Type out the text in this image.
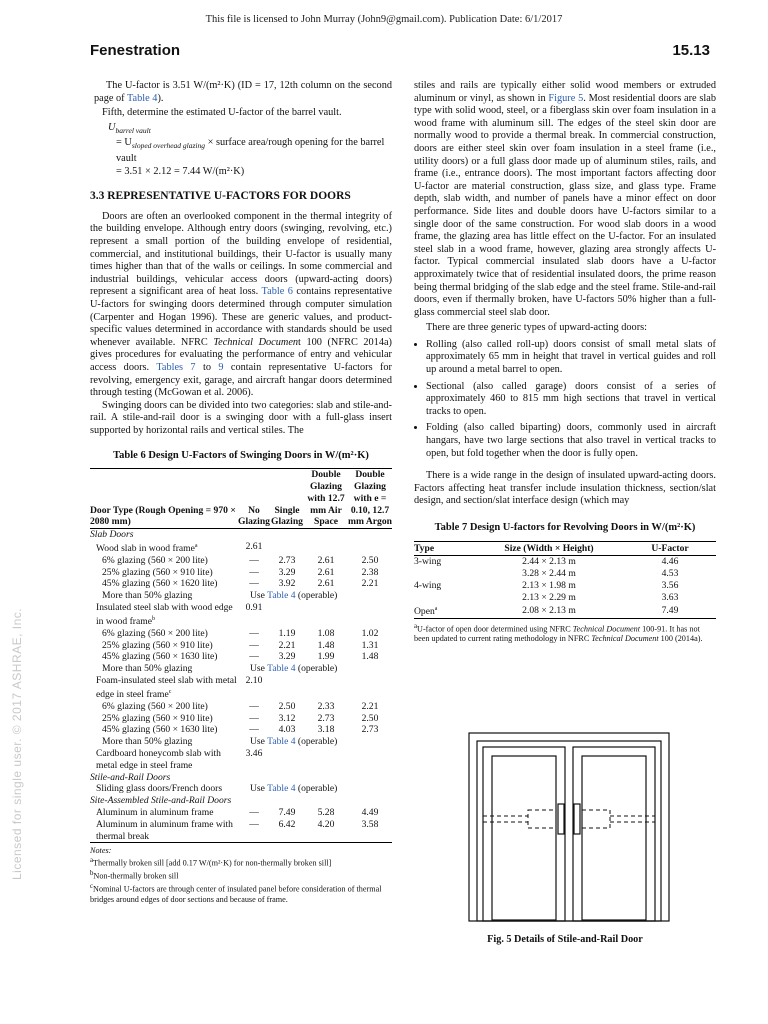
This file is licensed to John Murray (John9@gmail.com). Publication Date: 6/1/2017
Fenestration	15.13
Licensed for single user. © 2017 ASHRAE, Inc.

The U-factor is 3.51 W/(m²·K) (ID = 17, 12th column on the second page of Table 4).

Fifth, determine the estimated U-factor of the barrel vault.

$U_{barrel vault}$
= $U_{sloped overhead glazing}$ × surface area/rough opening for the barrel vault
= 3.51 × 2.12 = 7.44 W/(m²·K)
3.3 REPRESENTATIVE U-FACTORS FOR DOORS

Doors are often an overlooked component in the thermal integrity of the building envelope. Although entry doors (swinging, revolving, etc.) represent a small portion of the building envelope of residential, commercial, and institutional buildings, their U-factor is usually many times higher than that of the walls or ceilings. In some commercial and industrial buildings, vehicular access doors (upward-acting doors) represent a significant area of heat loss. Table 6 contains representative U-factors for swinging doors determined through computer simulation (Carpenter and Hogan 1996). These are generic values, and product-specific values determined in accordance with standards should be used whenever available. NFRC Technical Document 100 (NFRC 2014a) gives procedures for evaluating the performance of entry and vehicular access doors. Tables 7 to 9 contain representative U-factors for revolving, emergency exit, garage, and aircraft hangar doors determined through testing (McGowan et al. 2006).

Swinging doors can be divided into two categories: slab and stile-and-rail. A stile-and-rail door is a swinging door with a full-glass insert supported by horizontal rails and vertical stiles. The

Table 6 Design U-Factors of Swinging Doors in W/(m²·K)
Door Type (Rough Opening = 970 × 2080 mm)	No Glazing	Single Glazing	Double Glazing with 12.7 mm Air Space	Double Glazing with e = 0.10, 12.7 mm Argon
Slab Doors				
Wood slab in wood frame$^a$	2.61			
6% glazing (560 × 200 lite)	—	2.73	2.61	2.50
25% glazing (560 × 910 lite)	—	3.29	2.61	2.38
45% glazing (560 × 1620 lite)	—	3.92	2.61	2.21
More than 50% glazing	Use Table 4 (operable)			
Insulated steel slab with wood edge in wood frame$^b$	0.91			
6% glazing (560 × 200 lite)	—	1.19	1.08	1.02
25% glazing (560 × 910 lite)	—	2.21	1.48	1.31
45% glazing (560 × 1630 lite)	—	3.29	1.99	1.48
More than 50% glazing	Use Table 4 (operable)			
Foam-insulated steel slab with metal edge in steel frame$^c$	2.10			
6% glazing (560 × 200 lite)	—	2.50	2.33	2.21
25% glazing (560 × 910 lite)	—	3.12	2.73	2.50
45% glazing (560 × 1630 lite)	—	4.03	3.18	2.73
More than 50% glazing	Use Table 4 (operable)			
Cardboard honeycomb slab with metal edge in steel frame	3.46			
Stile-and-Rail Doors				
Sliding glass doors/French doors	Use Table 4 (operable)			
Site-Assembled Stile-and-Rail Doors				
Aluminum in aluminum frame	—	7.49	5.28	4.49
Aluminum in aluminum frame with thermal break	—	6.42	4.20	3.58
Notes:
$^a$Thermally broken sill [add 0.17 W/(m²·K) for non-thermally broken sill]
$^b$Non-thermally broken sill
$^c$Nominal U-factors are through center of insulated panel before consideration of thermal bridges around edges of door sections and because of frame.

stiles and rails are typically either solid wood members or extruded aluminum or vinyl, as shown in Figure 5. Most residential doors are slab type with solid wood, steel, or a fiberglass skin over foam insulation in a wood frame with aluminum sill. The edges of the steel skin door are normally wood to provide a thermal break. In commercial construction, doors are either steel skin over foam insulation in a steel frame (i.e., utility doors) or a full glass door made up of aluminum stiles, rails, and frame (i.e., entrance doors). The most important factors affecting door U-factor are material construction, glass size, and glass type. Frame depth, slab width, and number of panels have a minor effect on door performance. Side lites and double doors have U-factors similar to a single door of the same construction. For wood slab doors in a wood frame, the glazing area has little effect on the U-factor. For an insulated steel slab in a wood frame, however, glazing area strongly affects U-factor. Typical commercial insulated slab doors have a U-factor approximately twice that of residential insulated doors, the prime reason being thermal bridging of the slab edge and the steel frame. Stile-and-rail doors, even if thermally broken, have U-factors 50% higher than a full-glass commercial steel slab door.

There are three generic types of upward-acting doors:

• Rolling (also called roll-up) doors consist of small metal slats of approximately 65 mm in height that travel in vertical guides and roll up around a metal barrel to open.
• Sectional (also called garage) doors consist of a series of approximately 460 to 815 mm high sections that travel in vertical tracks to open.
• Folding (also called biparting) doors, commonly used in aircraft hangars, have two large sections that also travel in vertical tracks to open, but fold together when the door is fully open.

There is a wide range in the design of insulated upward-acting doors. Factors affecting heat transfer include insulation thickness, section/slat design, and section/slat interface design (which may

Table 7 Design U-factors for Revolving Doors in W/(m²·K)
Type	Size (Width × Height)	U-Factor
3-wing	2.44 × 2.13 m	4.46
	3.28 × 2.44 m	4.53
4-wing	2.13 × 1.98 m	3.56
	2.13 × 2.29 m	3.63
Open$^a$	2.08 × 2.13 m	7.49
$^a$U-factor of open door determined using NFRC Technical Document 100-91. It has not been updated to current rating methodology in NFRC Technical Document 100 (2014a).
Fig. 5 Details of Stile-and-Rail Door
